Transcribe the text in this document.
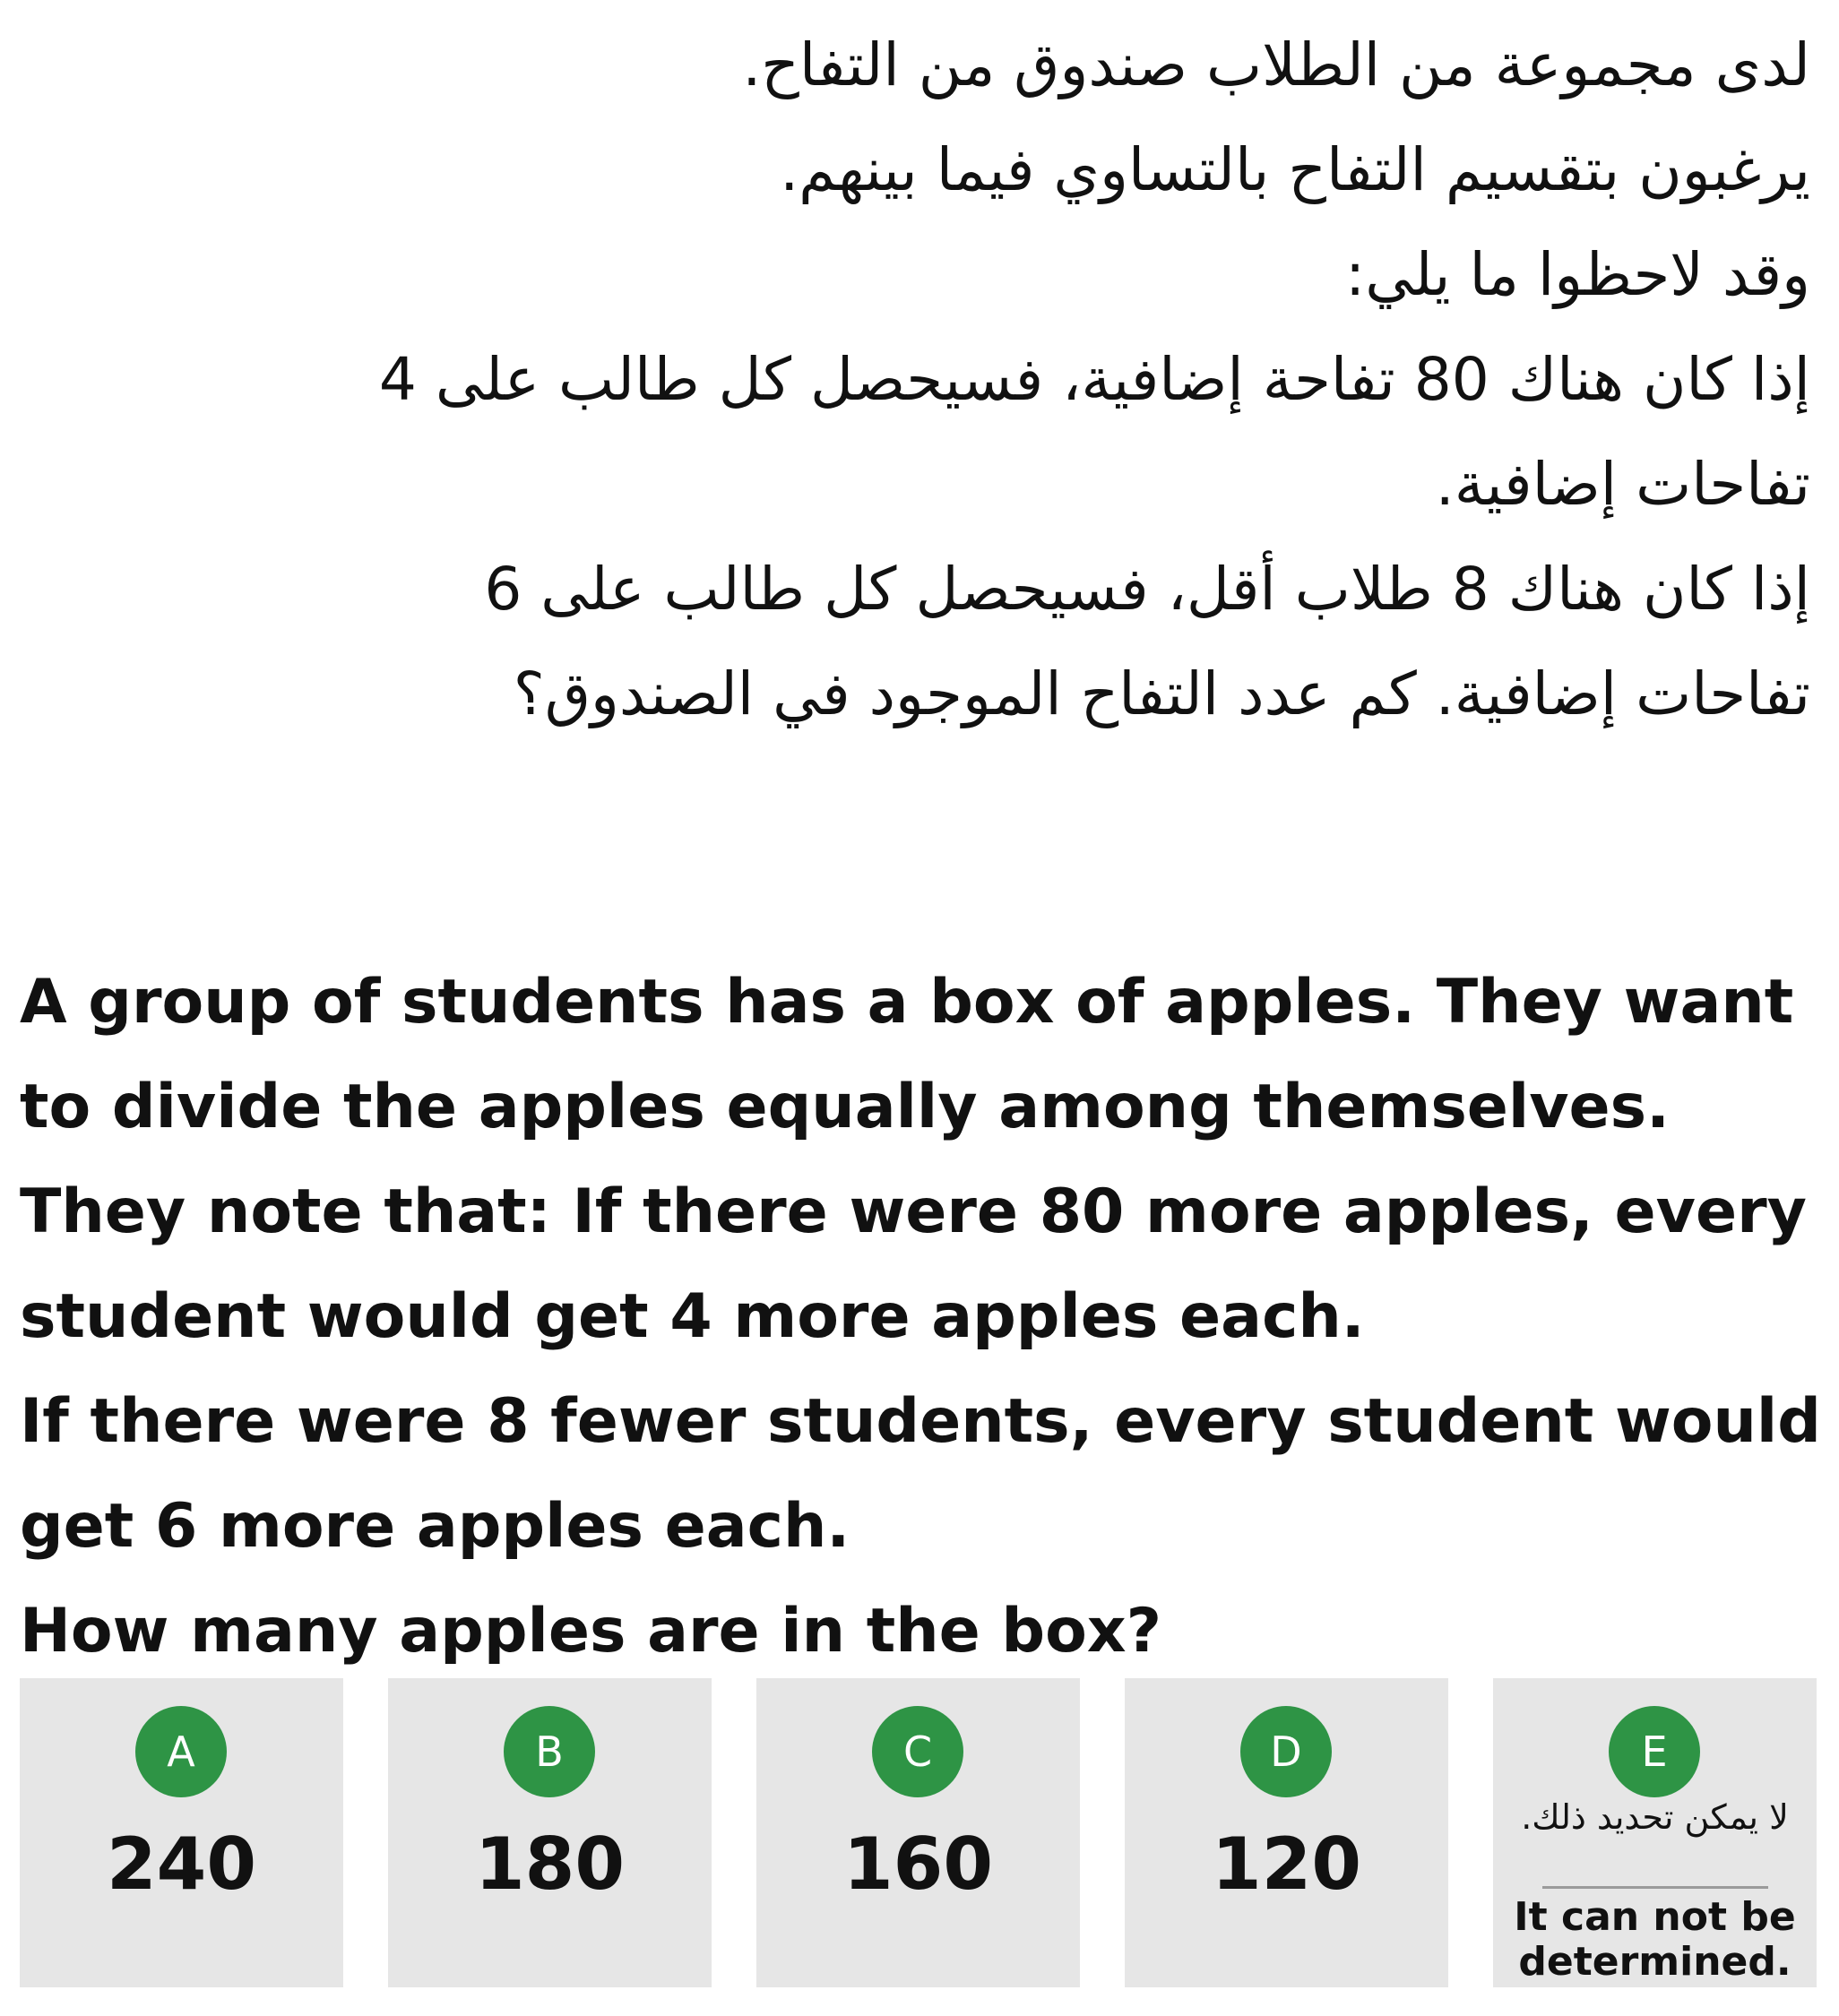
لدى مجموعة من الطلاب صندوق من التفاح.
يرغبون بتقسيم التفاح بالتساوي فيما بينهم.
وقد لاحظوا ما يلي:
إذا كان هناك 80 تفاحة إضافية، فسيحصل كل طالب على 4
تفاحات إضافية.
إذا كان هناك 8 طلاب أقل، فسيحصل كل طالب على 6
تفاحات إضافية. كم عدد التفاح الموجود في الصندوق؟
A group of students has a box of apples. They want
to divide the apples equally among themselves.
They note that: If there were 80 more apples, every
student would get 4 more apples each.
If there were 8 fewer students, every student would
get 6 more apples each.
How many apples are in the box?
A
240
B
180
C
160
D
120
E
لا يمكن تحديد ذلك.
It can not be determined.
